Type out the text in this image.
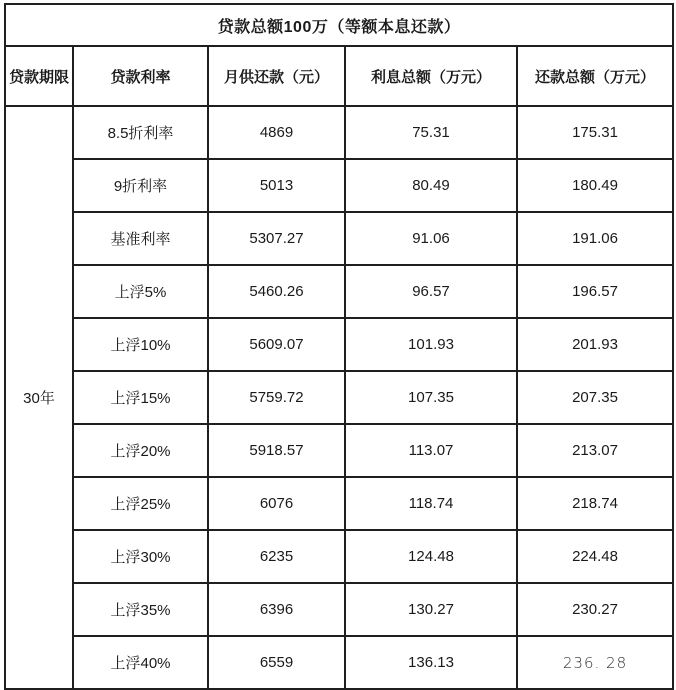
贷款总额100万（等额本息还款）				
贷款期限	贷款利率	月供还款（元）	利息总额（万元）	还款总额（万元）
30年	8.5折利率	4869	75.31	175.31
	9折利率	5013	80.49	180.49
	基准利率	5307.27	91.06	191.06
	上浮5%	5460.26	96.57	196.57
	上浮10%	5609.07	101.93	201.93
	上浮15%	5759.72	107.35	207.35
	上浮20%	5918.57	113.07	213.07
	上浮25%	6076	118.74	218.74
	上浮30%	6235	124.48	224.48
	上浮35%	6396	130.27	230.27
	上浮40%	6559	136.13	236. 28
